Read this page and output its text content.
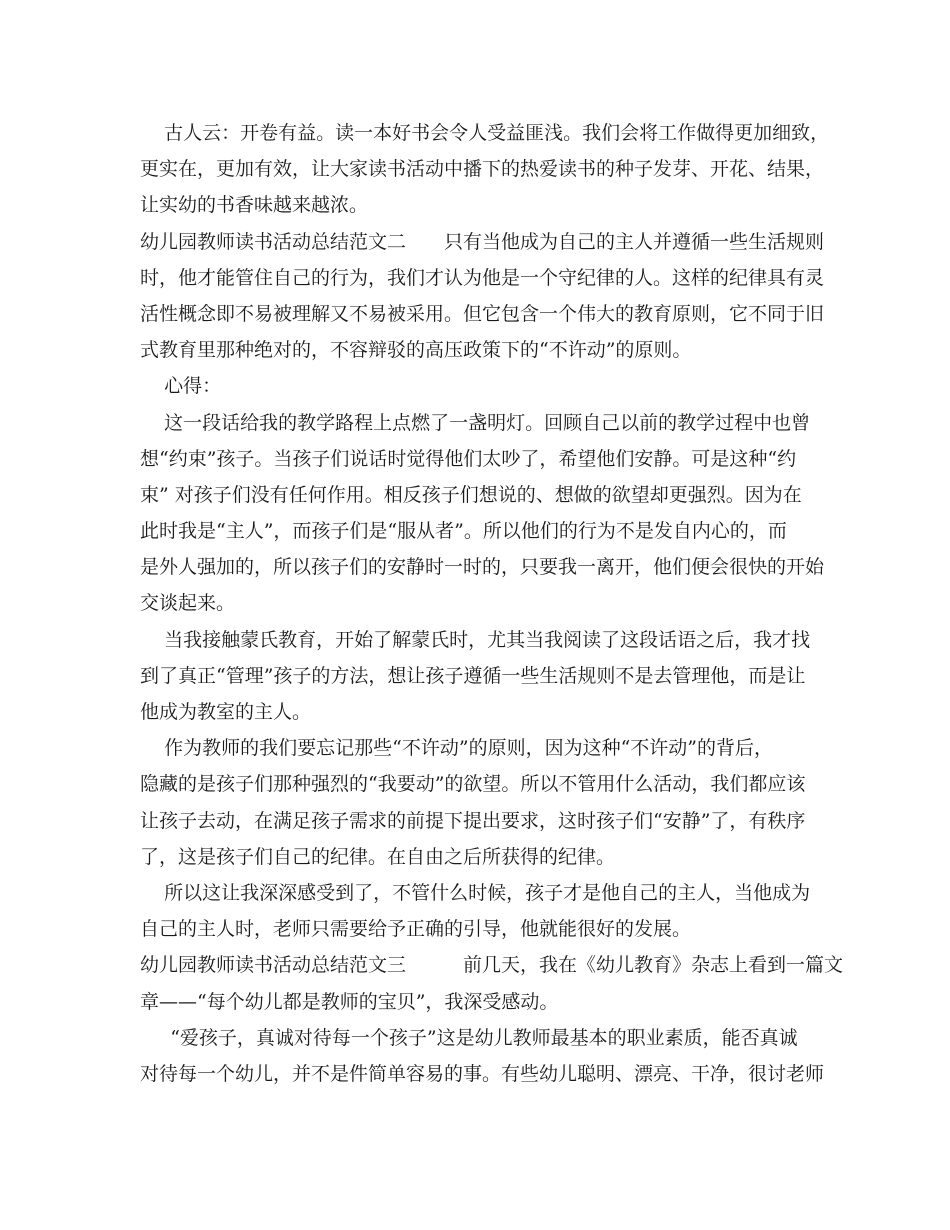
古人云：开卷有益。读一本好书会令人受益匪浅。我们会将工作做得更加细致，
更实在，更加有效，让大家读书活动中播下的热爱读书的种子发芽、开花、结果，
让实幼的书香味越来越浓。
幼儿园教师读书活动总结范文二　　只有当他成为自己的主人并遵循一些生活规则
时，他才能管住自己的行为，我们才认为他是一个守纪律的人。这样的纪律具有灵
活性概念即不易被理解又不易被采用。但它包含一个伟大的教育原则，它不同于旧
式教育里那种绝对的，不容辩驳的高压政策下的“不许动”的原则。
心得：
这一段话给我的教学路程上点燃了一盏明灯。回顾自己以前的教学过程中也曾
想“约束”孩子。当孩子们说话时觉得他们太吵了，希望他们安静。可是这种“约
束” 对孩子们没有任何作用。相反孩子们想说的、想做的欲望却更强烈。因为在
此时我是“主人”，而孩子们是“服从者”。所以他们的行为不是发自内心的，而
是外人强加的，所以孩子们的安静时一时的，只要我一离开，他们便会很快的开始
交谈起来。
当我接触蒙氏教育，开始了解蒙氏时，尤其当我阅读了这段话语之后，我才找
到了真正“管理”孩子的方法，想让孩子遵循一些生活规则不是去管理他，而是让
他成为教室的主人。
作为教师的我们要忘记那些“不许动”的原则，因为这种“不许动”的背后，
隐藏的是孩子们那种强烈的“我要动”的欲望。所以不管用什么活动，我们都应该
让孩子去动，在满足孩子需求的前提下提出要求，这时孩子们“安静”了，有秩序
了，这是孩子们自己的纪律。在自由之后所获得的纪律。
所以这让我深深感受到了，不管什么时候，孩子才是他自己的主人，当他成为
自己的主人时，老师只需要给予正确的引导，他就能很好的发展。
幼儿园教师读书活动总结范文三　　　前几天，我在《幼儿教育》杂志上看到一篇文
章——“每个幼儿都是教师的宝贝”，我深受感动。
“爱孩子，真诚对待每一个孩子”这是幼儿教师最基本的职业素质，能否真诚
对待每一个幼儿，并不是件简单容易的事。有些幼儿聪明、漂亮、干净，很讨老师
